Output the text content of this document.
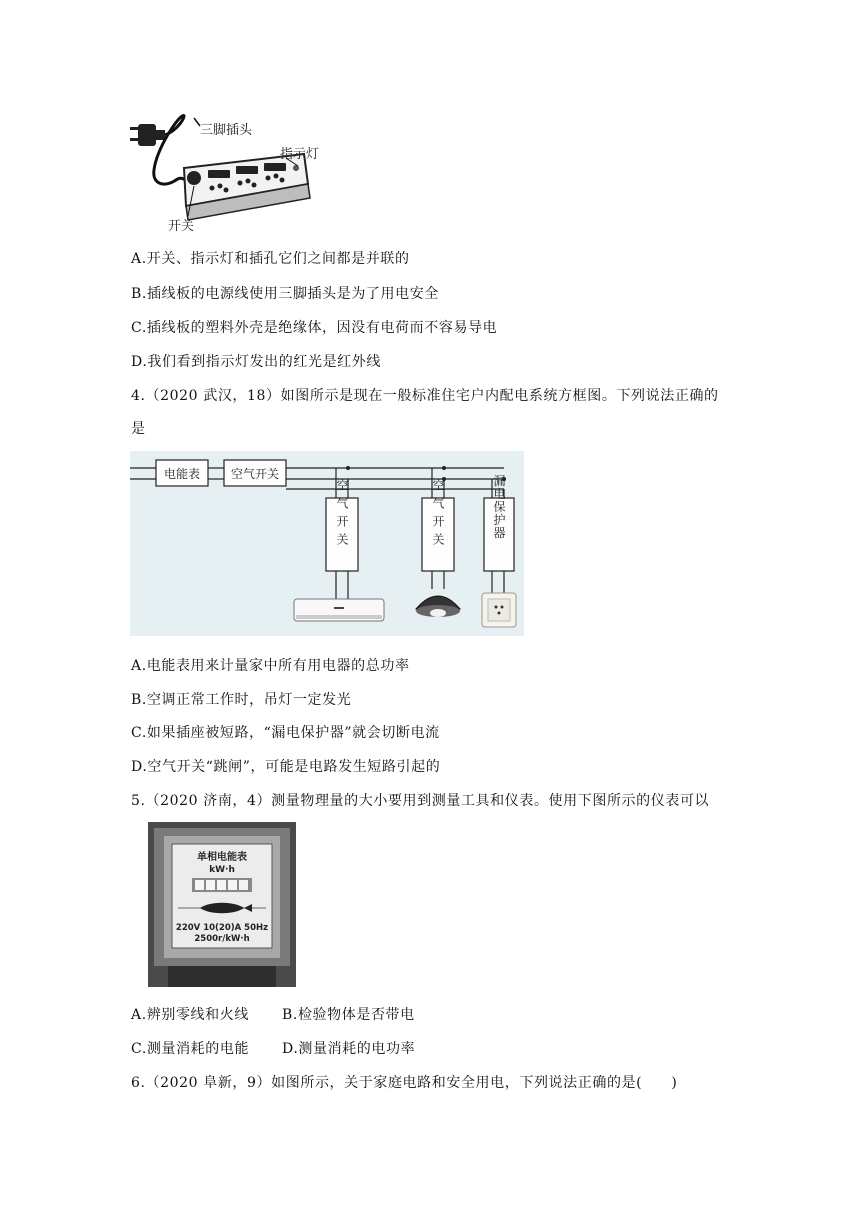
三脚插头
指示灯
开关
A.开关、指示灯和插孔它们之间都是并联的
B.插线板的电源线使用三脚插头是为了用电安全
C.插线板的塑料外壳是绝缘体，因没有电荷而不容易导电
D.我们看到指示灯发出的红光是红外线
4.（2020 武汉，18）如图所示是现在一般标准住宅户内配电系统方框图。下列说法正确的
是
电能表	空气开关
空气开关	空气开关	漏电保护器
A.电能表用来计量家中所有用电器的总功率
B.空调正常工作时，吊灯一定发光
C.如果插座被短路，“漏电保护器”就会切断电流
D.空气开关“跳闸”，可能是电路发生短路引起的
5.（2020 济南，4）测量物理量的大小要用到测量工具和仪表。使用下图所示的仪表可以
单相电能表
kW·h
220V 10(20)A 50Hz
2500r/kW·h
A.辨别零线和火线 B.检验物体是否带电
C.测量消耗的电能 D.测量消耗的电功率
6.（2020 阜新，9）如图所示，关于家庭电路和安全用电，下列说法正确的是(　　)
